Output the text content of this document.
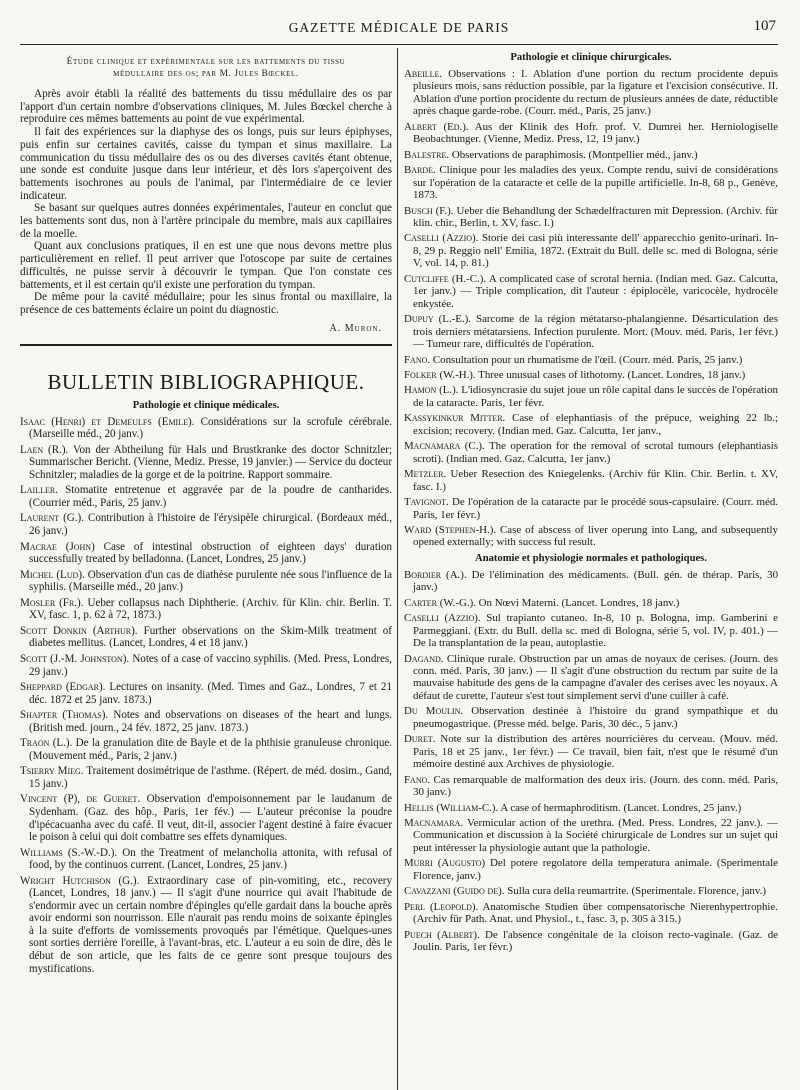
GAZETTE MÉDICALE DE PARIS	107
Étude clinique et expérimentale sur les battements du tissu
médullaire des os; par M. Jules Bœckel.

Après avoir établi la réalité des battements du tissu médullaire des os par l'apport d'un certain nombre d'observations cliniques, M. Jules Bœckel cherche à reproduire ces mêmes battements au point de vue expérimental.

Il fait des expériences sur la diaphyse des os longs, puis sur leurs épiphyses, puis enfin sur certaines cavités, caisse du tympan et sinus maxillaire. La communication du tissu médullaire des os ou des diverses cavités étant obtenue, une sonde est conduite jusque dans leur intérieur, et dès lors s'aperçoivent des battements isochrones au pouls de l'animal, par l'intermédiaire de ce levier indicateur.

Se basant sur quelques autres données expérimentales, l'auteur en conclut que les battements sont dus, non à l'artère principale du membre, mais aux capillaires de la moelle.

Quant aux conclusions pratiques, il en est une que nous devons mettre plus particulièrement en relief. Il peut arriver que l'otoscope par suite de certaines difficultés, ne puisse servir à découvrir le tympan. Que l'on constate ces battements, et il est certain qu'il existe une perforation du tympan.

De même pour la cavité médullaire; pour les sinus frontal ou maxillaire, la présence de ces battements éclaire un point du diagnostic.

A. Muron.
BULLETIN BIBLIOGRAPHIQUE.
Pathologie et clinique médicales.

Isaac (Henri) et Demeulfs (Emile). Considérations sur la scrofule cérébrale. (Marseille méd., 20 janv.)

Laen (R.). Von der Abtheilung für Hals und Brustkranke des doctor Schnitzler; Summarischer Bericht. (Vienne, Mediz. Presse, 19 janvier.) — Service du docteur Schnitzler; maladies de la gorge et de la poitrine. Rapport sommaire.

Lailler. Stomatite entretenue et aggravée par de la poudre de cantharides. (Courrier méd., Paris, 25 janv.)

Laurent (G.). Contribution à l'histoire de l'érysipèle chirurgical. (Bordeaux méd., 26 janv.)

Macrae (John) Case of intestinal obstruction of eighteen days' duration successfully treated by belladonna. (Lancet, Londres, 25 janv.)

Michel (Lud). Observation d'un cas de diathèse purulente née sous l'influence de la syphilis. (Marseille méd., 20 janv.)

Mosler (Fr.). Ueber collapsus nach Diphtherie. (Archiv. für Klin. chir. Berlin. T. XV, fasc. 1, p. 62 à 72, 1873.)

Scott Donkin (Arthur). Further observations on the Skim-Milk treatment of diabetes mellitus. (Lancet, Londres, 4 et 18 janv.)

Scott (J.-M. Johnston). Notes of a case of vaccino syphilis. (Med. Press, Londres, 29 janv.)

Sheppard (Edgar). Lectures on insanity. (Med. Times and Gaz., Londres, 7 et 21 déc. 1872 et 25 janv. 1873.)

Shapter (Thomas). Notes and observations on diseases of the heart and lungs. (British med. journ., 24 fév. 1872, 25 janv. 1873.)

Traon (L.). De la granulation dite de Bayle et de la phthisie granuleuse chronique. (Mouvement méd., Paris, 2 janv.)

Tsierry Mieg. Traitement dosimétrique de l'asthme. (Répert. de méd. dosim., Gand, 15 janv.)

Vincent (P), de Gueret. Observation d'empoisonnement par le laudanum de Sydenham. (Gaz. des hôp., Paris, 1er fév.) — L'auteur préconise la poudre d'ipécacuanha avec du café. Il veut, dit-il, associer l'agent destiné à faire évacuer le poison à celui qui doit combattre ses effets dynamiques.

Williams (S.-W.-D.). On the Treatment of melancholia attonita, with refusal of food, by the continuos current. (Lancet, Londres, 25 janv.)

Wright Hutchison (G.). Extraordinary case of pin-vomiting, etc., recovery (Lancet, Londres, 18 janv.) — Il s'agit d'une nourrice qui avait l'habitude de s'endormir avec un certain nombre d'épingles qu'elle gardait dans la bouche après avoir endormi son nourrisson. Elle n'aurait pas rendu moins de soixante épingles à la suite d'efforts de vomissements provoqués par l'émétique. Quelques-unes sont sorties derrière l'oreille, à l'avant-bras, etc. L'auteur a eu soin de dire, dès le début de son article, que les faits de ce genre sont presque toujours des mystifications.

Pathologie et clinique chirurgicales.

Abeille. Observations : I. Ablation d'une portion du rectum procidente depuis plusieurs mois, sans réduction possible, par la ligature et l'excision consécutive. II. Ablation d'une portion procidente du rectum de plusieurs années de date, réductible après chaque garde-robe. (Courr. méd., Paris, 25 janv.)

Albert (Ed.). Aus der Klinik des Hofr. prof. V. Dumrei her. Herniologiselle Beobachtunger. (Vienne, Mediz. Press, 12, 19 janv.)

Balestre. Observations de paraphimosis. (Montpellier méd., janv.)

Barde. Clinique pour les maladies des yeux. Compte rendu, suivi de considérations sur l'opération de la cataracte et celle de la pupille artificielle. In-8, 68 p., Genève, 1873.

Busch (F.). Ueber die Behandlung der Schædelfracturen mit Depression. (Archiv. für klin. chir., Berlin, t. XV, fasc. I.)

Caselli (Azzio). Storie dei casi più interessante dell' apparecchio genito-urinari. In-8, 29 p. Reggio nell' Emilia, 1872. (Extrait du Bull. delle sc. med di Bologna, série V, vol. 14, p. 81.)

Cutcliffe (H.-C.). A complicated case of scrotal hernia. (Indian med. Gaz. Calcutta, 1er janv.) — Triple complication, dit l'auteur : épiplocèle, varicocèle, hydrocèle enkystée.

Dupuy (L.-E.). Sarcome de la région métatarso-phalangienne. Désarticulation des trois derniers métatarsiens. Infection purulente. Mort. (Mouv. méd. Paris, 1er févr.) — Tumeur rare, difficultés de l'opération.

Fano. Consultation pour un rhumatisme de l'œil. (Courr. méd. Paris, 25 janv.)

Folker (W.-H.). Three unusual cases of lithotomy. (Lancet. Londres, 18 janv.)

Hamon (L.). L'idiosyncrasie du sujet joue un rôle capital dans le succès de l'opération de la cataracte. Paris, 1er févr.

Kassykinkur Mitter. Case of elephantiasis of the prépuce, weighing 22 lb.; excision; recovery. (Indian med. Gaz. Calcutta, 1er janv.,

Macnamara (C.). The operation for the removal of scrotal tumours (elephantiasis scroti). (Indian med. Gaz. Calcutta, 1er janv.)

Metzler. Ueber Resection des Kniegelenks. (Archiv für Klin. Chir. Berlin. t. XV, fasc. I.)

Tavignot. De l'opération de la cataracte par le procédé sous-capsulaire. (Courr. méd. Paris, 1er févr.)

Ward (Stephen-H.). Case of abscess of liver operung into Lang, and subsequently opened externally; with success ful result.

Anatomie et physiologie normales et pathologiques.

Bordier (A.). De l'élimination des médicaments. (Bull. gén. de thérap. Paris, 30 janv.)

Carter (W.-G.). On Nœvi Materni. (Lancet. Londres, 18 janv.)

Caselli (Azzio). Sul trapianto cutaneo. In-8, 10 p. Bologna, imp. Gamberini e Parmeggiani. (Extr. du Bull. della sc. med di Bologna, série 5, vol. IV, p. 401.) — De la transplantation de la peau, autoplastie.

Dagand. Clinique rurale. Obstruction par un amas de noyaux de cerises. (Journ. des conn. méd. Paris, 30 janv.) — Il s'agit d'une obstruction du rectum par suite de la mauvaise habitude des gens de la campagne d'avaler des cerises avec les noyaux. A défaut de curette, l'auteur s'est tout simplement servi d'une cuiller à café.

Du Moulin. Observation destinée à l'histoire du grand sympathique et du pneumogastrique. (Presse méd. belge. Paris, 30 déc., 5 janv.)

Duret. Note sur la distribution des artères nourricières du cerveau. (Mouv. méd. Paris, 18 et 25 janv., 1er févr.) — Ce travail, bien fait, n'est que le résumé d'un mémoire destiné aux Archives de physiologie.

Fano. Cas remarquable de malformation des deux iris. (Journ. des conn. méd. Paris, 30 janv.)

Hellis (William-C.). A case of hermaphroditism. (Lancet. Londres, 25 janv.)

Macnamara. Vermicular action of the urethra. (Med. Press. Londres, 22 janv.). — Communication et discussion à la Société chirurgicale de Londres sur un sujet qui peut intéresser la physiologie autant que la pathologie.

Murri (Augusto) Del potere regolatore della temperatura animale. (Sperimentale Florence, janv.)

Cavazzani (Guido de). Sulla cura della reumartrite. (Sperimentale. Florence, janv.)

Perl (Leopold). Anatomische Studien über compensatorische Nierenhypertrophie. (Archiv für Path. Anat. und Physiol., t., fasc. 3, p. 305 à 315.)

Puech (Albert). De l'absence congénitale de la cloison recto-vaginale. (Gaz. de Joulin. Paris, 1er févr.)
